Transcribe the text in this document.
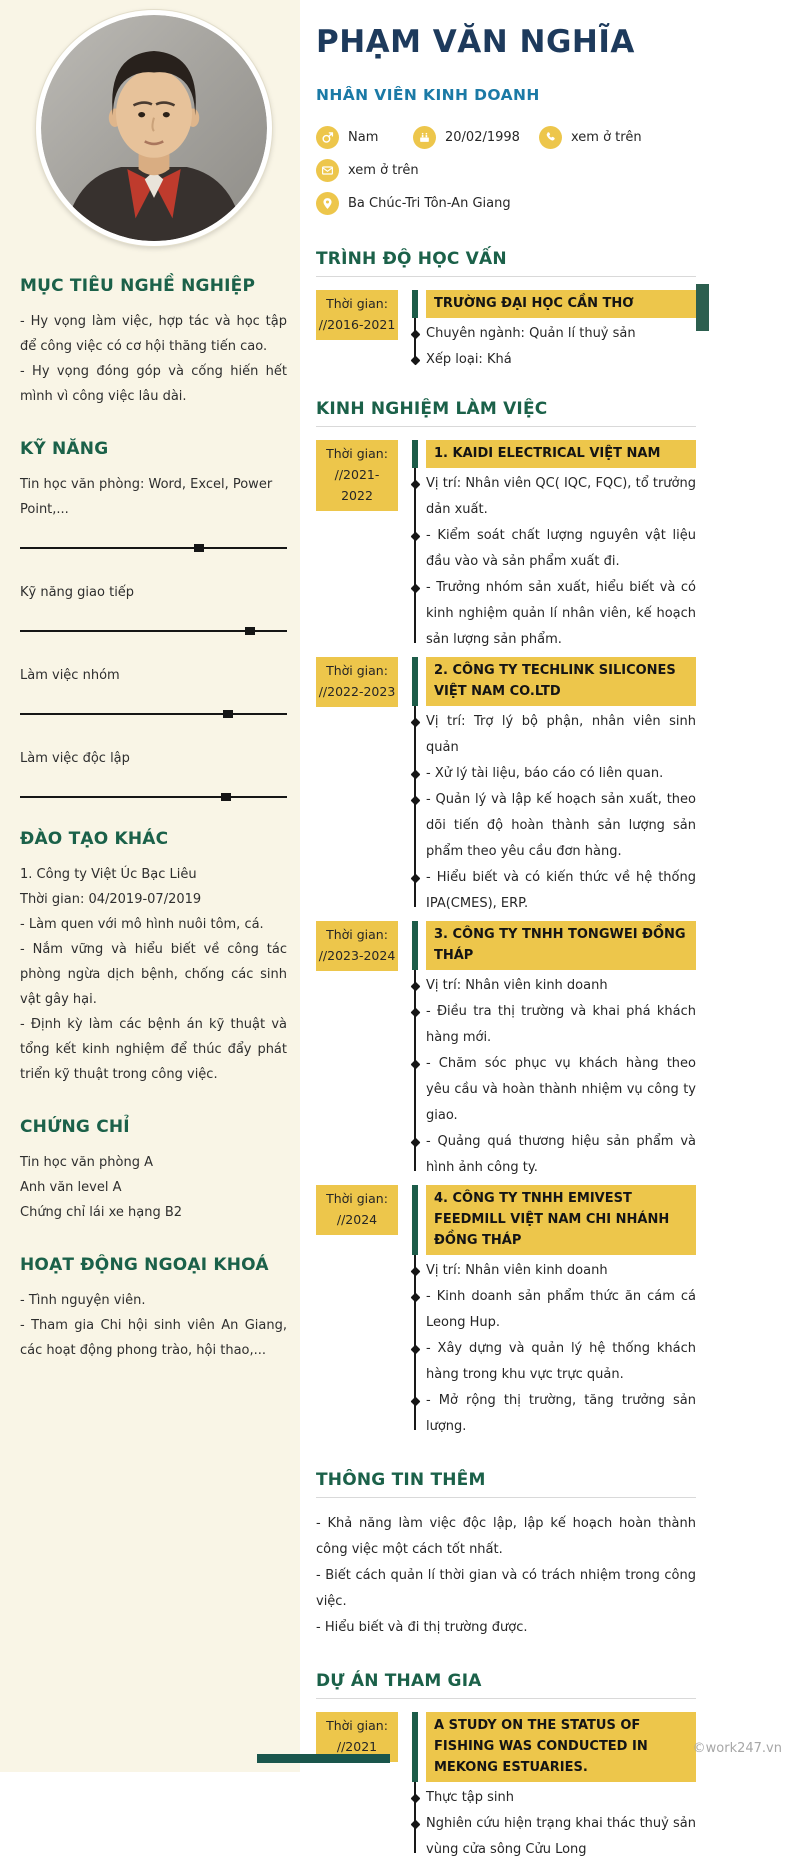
MỤC TIÊU NGHỀ NGHIỆP

- Hy vọng làm việc, hợp tác và học tập để công việc có cơ hội thăng tiến cao.

- Hy vọng đóng góp và cống hiến hết mình vì công việc lâu dài.

KỸ NĂNG
Tin học văn phòng: Word, Excel, Power Point,...
Kỹ năng giao tiếp
Làm việc nhóm
Làm việc độc lập
ĐÀO TẠO KHÁC

1. Công ty Việt Úc Bạc Liêu

Thời gian: 04/2019-07/2019

- Làm quen với mô hình nuôi tôm, cá.

- Nắm vững và hiểu biết về công tác phòng ngừa dịch bệnh, chống các sinh vật gây hại.

- Định kỳ làm các bệnh án kỹ thuật và tổng kết kinh nghiệm để thúc đẩy phát triển kỹ thuật trong công việc.

CHỨNG CHỈ

Tin học văn phòng A

Anh văn level A

Chứng chỉ lái xe hạng B2

HOẠT ĐỘNG NGOẠI KHOÁ

- Tình nguyện viên.

- Tham gia Chi hội sinh viên An Giang, các hoạt động phong trào, hội thao,...

PHẠM VĂN NGHĨA
NHÂN VIÊN KINH DOANH
Nam	20/02/1998	xem ở trên
xem ở trên
Ba Chúc-Tri Tôn-An Giang
TRÌNH ĐỘ HỌC VẤN
Thời gian:
//2016-2021
TRƯỜNG ĐẠI HỌC CẦN THƠ
Chuyên ngành: Quản lí thuỷ sản
Xếp loại: Khá
KINH NGHIỆM LÀM VIỆC
Thời gian:
//2021- 2022
1. KAIDI ELECTRICAL VIỆT NAM
Vị trí: Nhân viên QC( IQC, FQC), tổ trưởng dản xuất.
- Kiểm soát chất lượng nguyên vật liệu đầu vào và sản phẩm xuất đi.
- Trưởng nhóm sản xuất, hiểu biết và có kinh nghiệm quản lí nhân viên, kế hoạch sản lượng sản phẩm.
Thời gian:
//2022-2023
2. CÔNG TY TECHLINK SILICONES VIỆT NAM CO.LTD
Vị trí: Trợ lý bộ phận, nhân viên sinh quản
- Xử lý tài liệu, báo cáo có liên quan.
- Quản lý và lập kế hoạch sản xuất, theo dõi tiến độ hoàn thành sản lượng sản phẩm theo yêu cầu đơn hàng.
- Hiểu biết và có kiến thức về hệ thống IPA(CMES), ERP.
Thời gian:
//2023-2024
3. CÔNG TY TNHH TONGWEI ĐỒNG THÁP
Vị trí: Nhân viên kinh doanh
- Điều tra thị trường và khai phá khách hàng mới.
- Chăm sóc phục vụ khách hàng theo yêu cầu và hoàn thành nhiệm vụ công ty giao.
- Quảng quá thương hiệu sản phẩm và hình ảnh công ty.
Thời gian:
//2024
4. CÔNG TY TNHH EMIVEST FEEDMILL VIỆT NAM CHI NHÁNH ĐỒNG THÁP
Vị trí: Nhân viên kinh doanh
- Kinh doanh sản phẩm thức ăn cám cá Leong Hup.
- Xây dựng và quản lý hệ thống khách hàng trong khu vực trực quản.
- Mở rộng thị trường, tăng trưởng sản lượng.
THÔNG TIN THÊM

- Khả năng làm việc độc lập, lập kế hoạch hoàn thành công việc một cách tốt nhất.

- Biết cách quản lí thời gian và có trách nhiệm trong công việc.

- Hiểu biết và đi thị trường được.

DỰ ÁN THAM GIA
Thời gian:
//2021
A STUDY ON THE STATUS OF FISHING WAS CONDUCTED IN MEKONG ESTUARIES.
Thực tập sinh
Nghiên cứu hiện trạng khai thác thuỷ sản vùng cửa sông Cửu Long
©work247.vn
